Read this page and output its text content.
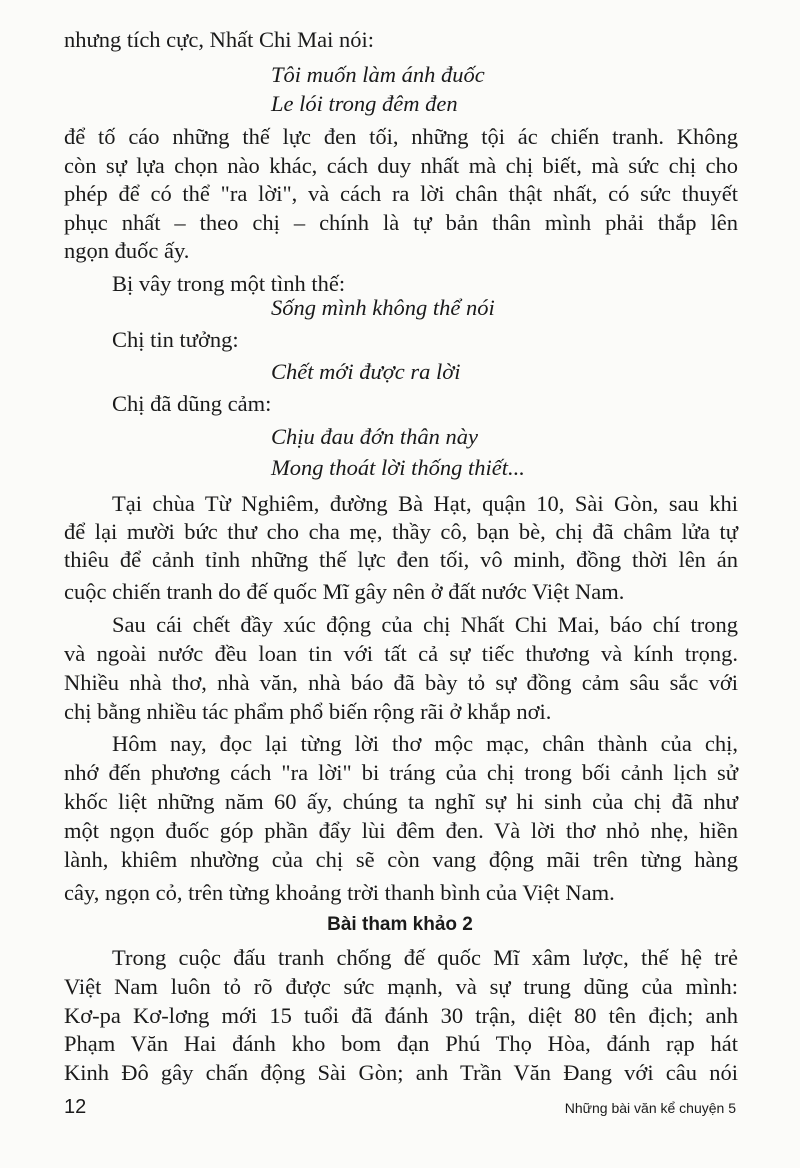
nhưng tích cực, Nhất Chi Mai nói:
Tôi muốn làm ánh đuốc
Le lói trong đêm đen
để tố cáo những thế lực đen tối, những tội ác chiến tranh. Không
còn sự lựa chọn nào khác, cách duy nhất mà chị biết, mà sức chị cho
phép để có thể "ra lời", và cách ra lời chân thật nhất, có sức thuyết
phục nhất – theo chị – chính là tự bản thân mình phải thắp lên
ngọn đuốc ấy.
Bị vây trong một tình thế:
Sống mình không thể nói
Chị tin tưởng:
Chết mới được ra lời
Chị đã dũng cảm:
Chịu đau đớn thân này
Mong thoát lời thống thiết...
Tại chùa Từ Nghiêm, đường Bà Hạt, quận 10, Sài Gòn, sau khi
để lại mười bức thư cho cha mẹ, thầy cô, bạn bè, chị đã châm lửa tự
thiêu để cảnh tỉnh những thế lực đen tối, vô minh, đồng thời lên án
cuộc chiến tranh do đế quốc Mĩ gây nên ở đất nước Việt Nam.
Sau cái chết đầy xúc động của chị Nhất Chi Mai, báo chí trong
và ngoài nước đều loan tin với tất cả sự tiếc thương và kính trọng.
Nhiều nhà thơ, nhà văn, nhà báo đã bày tỏ sự đồng cảm sâu sắc với
chị bằng nhiều tác phẩm phổ biến rộng rãi ở khắp nơi.
Hôm nay, đọc lại từng lời thơ mộc mạc, chân thành của chị,
nhớ đến phương cách "ra lời" bi tráng của chị trong bối cảnh lịch sử
khốc liệt những năm 60 ấy, chúng ta nghĩ sự hi sinh của chị đã như
một ngọn đuốc góp phần đẩy lùi đêm đen. Và lời thơ nhỏ nhẹ, hiền
lành, khiêm nhường của chị sẽ còn vang động mãi trên từng hàng
cây, ngọn cỏ, trên từng khoảng trời thanh bình của Việt Nam.
Bài tham khảo 2
Trong cuộc đấu tranh chống đế quốc Mĩ xâm lược, thế hệ trẻ
Việt Nam luôn tỏ rõ được sức mạnh, và sự trung dũng của mình:
Kơ-pa Kơ-lơng mới 15 tuổi đã đánh 30 trận, diệt 80 tên địch; anh
Phạm Văn Hai đánh kho bom đạn Phú Thọ Hòa, đánh rạp hát
Kinh Đô gây chấn động Sài Gòn; anh Trần Văn Đang với câu nói
12	Những bài văn kể chuyện 5
